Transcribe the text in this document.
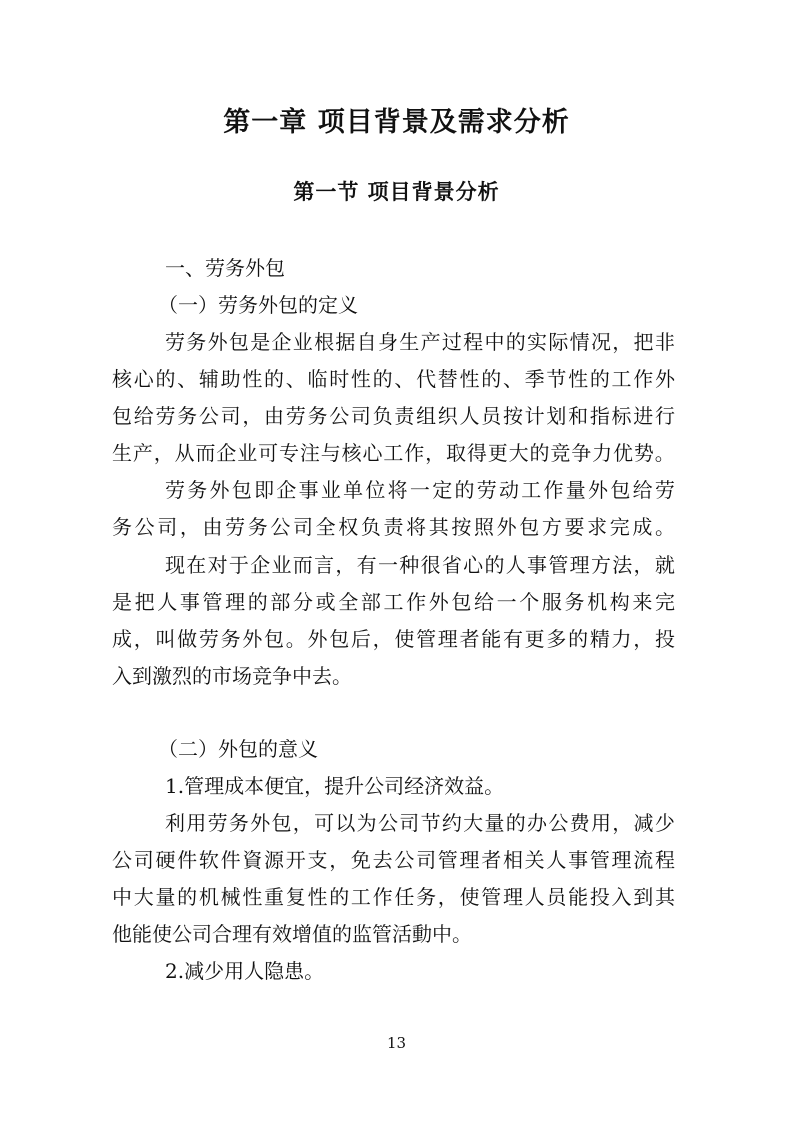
第一章 项目背景及需求分析
第一节 项目背景分析
一、劳务外包
（一）劳务外包的定义
劳 务 外 包 是 企 业 根 据 自 身 生 产 过 程 中 的 实 际 情 况 ， 把 非
核 心 的 、 辅 助 性 的 、 临 时 性 的 、 代 替 性 的 、 季 节 性 的 工 作 外
包 给 劳 务 公 司 ， 由 劳 务 公 司 负 责 组 织 人 员 按 计 划 和 指 标 进 行
生 产 ， 从 而 企 业 可 专 注 与 核 心 工 作 ， 取 得 更 大 的 竞 争 力 优 势 。
劳 务 外 包 即 企 事 业 单 位 将 一 定 的 劳 动 工 作 量 外 包 给 劳
务 公 司 ， 由 劳 务 公 司 全 权 负 责 将 其 按 照 外 包 方 要 求 完 成 。
现 在 对 于 企 业 而 言 ， 有 一 种 很 省 心 的 人 事 管 理 方 法 ， 就
是 把 人 事 管 理 的 部 分 或 全 部 工 作 外 包 给 一 个 服 务 机 构 来 完
成 ， 叫 做 劳 务 外 包 。 外 包 后 ， 使 管 理 者 能 有 更 多 的 精 力 ， 投
入到激烈的市场竞争中去。
（二）外包的意义
1.管理成本便宜，提升公司经济效益。
利 用 劳 务 外 包 ， 可 以 为 公 司 节 约 大 量 的 办 公 费 用 ， 减 少
公 司 硬 件 软 件 資 源 开 支 ， 免 去 公 司 管 理 者 相 关 人 事 管 理 流 程
中 大 量 的 机 械 性 重 复 性 的 工 作 任 务 ， 使 管 理 人 员 能 投 入 到 其
他能使公司合理有效增值的监管活動中。
2.减少用人隐患。
13
